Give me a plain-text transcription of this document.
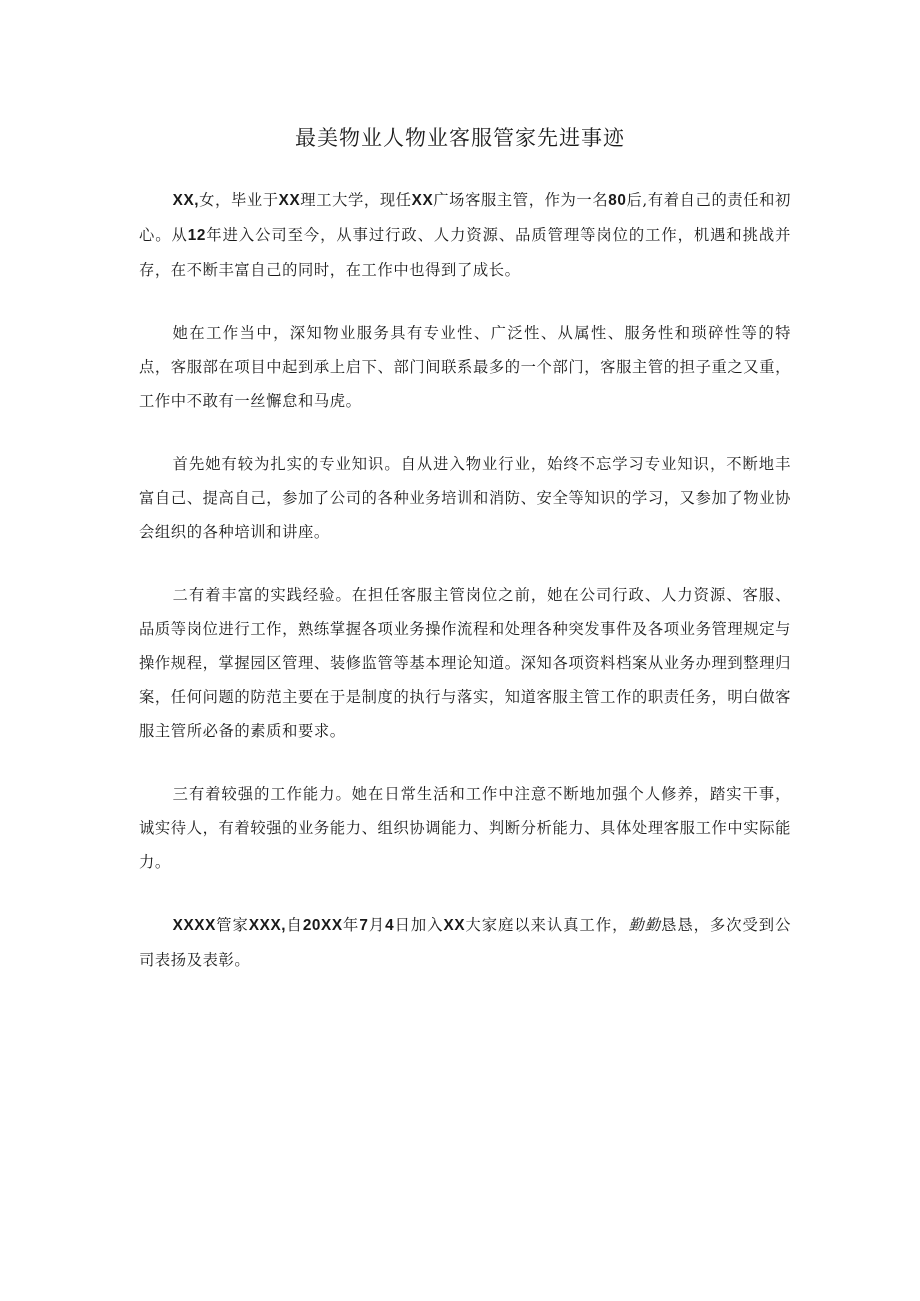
最美物业人物业客服管家先进事迹

XX,女，毕业于XX理工大学，现任XX广场客服主管，作为一名80后,有着自己的责任和初心。从12年进入公司至今，从事过行政、人力资源、品质管理等岗位的工作，机遇和挑战并存，在不断丰富自己的同时，在工作中也得到了成长。

她在工作当中，深知物业服务具有专业性、广泛性、从属性、服务性和琐碎性等的特点，客服部在项目中起到承上启下、部门间联系最多的一个部门，客服主管的担子重之又重，工作中不敢有一丝懈怠和马虎。

首先她有较为扎实的专业知识。自从进入物业行业，始终不忘学习专业知识，不断地丰富自己、提高自己，参加了公司的各种业务培训和消防、安全等知识的学习，又参加了物业协会组织的各种培训和讲座。

二有着丰富的实践经验。在担任客服主管岗位之前，她在公司行政、人力资源、客服、品质等岗位进行工作，熟练掌握各项业务操作流程和处理各种突发事件及各项业务管理规定与操作规程，掌握园区管理、装修监管等基本理论知道。深知各项资料档案从业务办理到整理归案，任何问题的防范主要在于是制度的执行与落实，知道客服主管工作的职责任务，明白做客服主管所必备的素质和要求。

三有着较强的工作能力。她在日常生活和工作中注意不断地加强个人修养，踏实干事，诚实待人，有着较强的业务能力、组织协调能力、判断分析能力、具体处理客服工作中实际能力。

XXXX管家XXX,自20XX年7月4日加入XX大家庭以来认真工作，勤勤恳恳，多次受到公司表扬及表彰。
